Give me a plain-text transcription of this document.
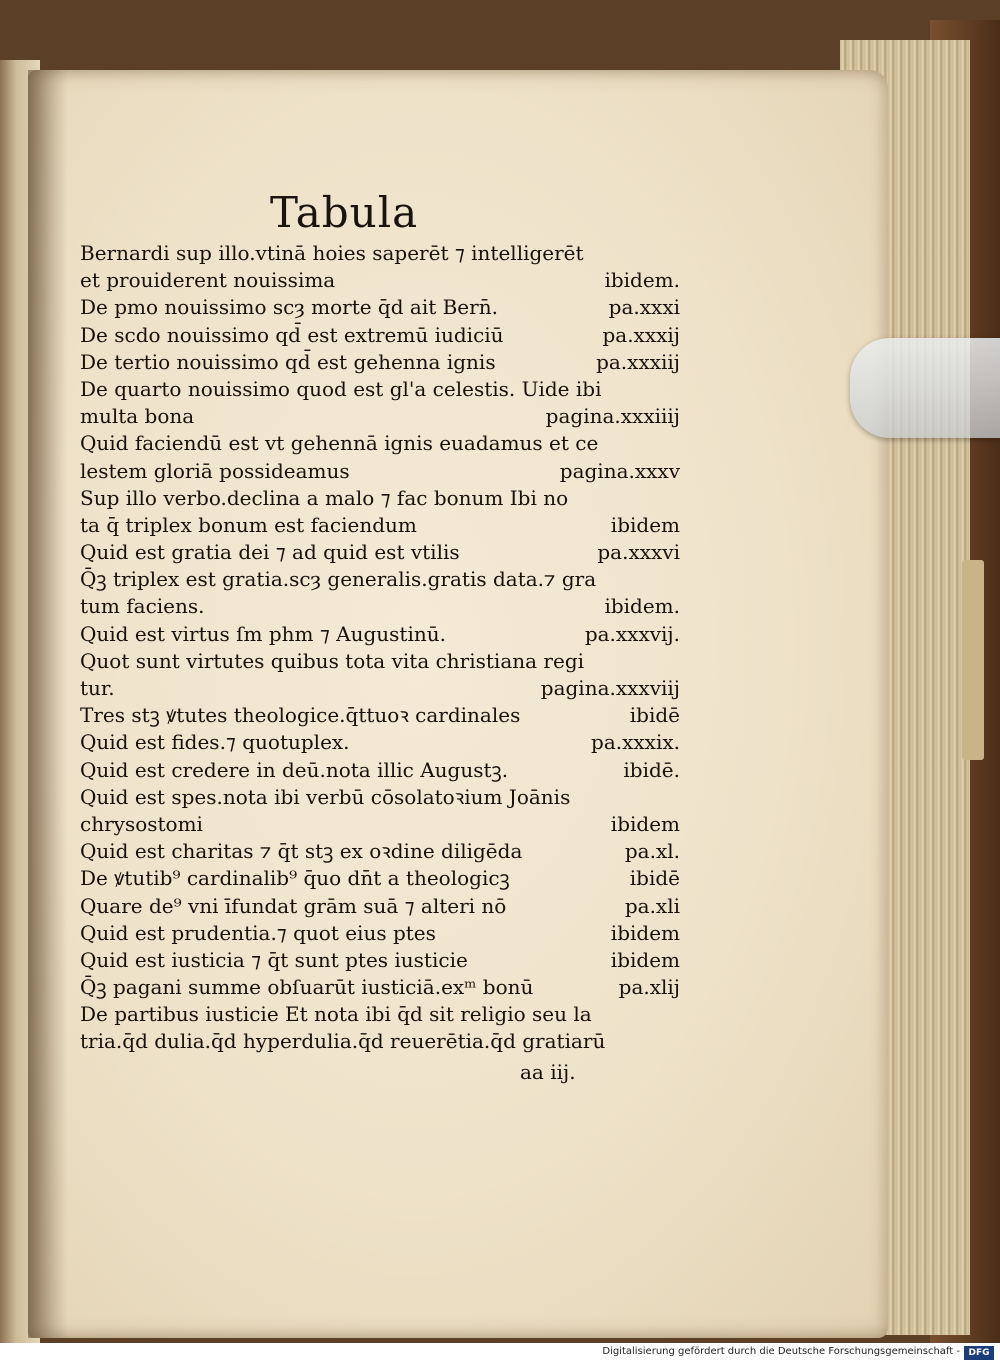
Tabula
Bernardi sup illo.vtinā hoies saperēt ⁊ intelligerēt
et prouiderent nouissima	ibidem.
De pmo nouissimo scȝ morte q̄d ait Bern̄.	pa.xxxi
De scdo nouissimo qd̄ est extremū iudiciū	pa.xxxij
De tertio nouissimo qd̄ est gehenna ignis	pa.xxxiij
De quarto nouissimo quod est gl'a celestis. Uide ibi
multa bona	pagina.xxxiiij
Quid faciendū est vt gehennā ignis euadamus et ce
lestem gloriā possideamus	pagina.xxxv
Sup illo verbo.declina a malo ⁊ fac bonum Ibi no
ta q̄ triplex bonum est faciendum	ibidem
Quid est gratia dei ⁊ ad quid est vtilis	pa.xxxvi
Q̄ꝫ triplex est gratia.scȝ generalis.gratis data.⁊ gra
tum faciens.	ibidem.
Quid est virtus ſm phm ⁊ Augustinū.	pa.xxxvij.
Quot sunt virtutes quibus tota vita christiana regi
tur.	pagina.xxxviij
Tres stꝫ ꝟtutes theologice.q̄ttuoꝛ cardinales	ibidē
Quid est fides.⁊ quotuplex.	pa.xxxix.
Quid est credere in deū.nota illic Augustꝫ.	ibidē.
Quid est spes.nota ibi verbū cōsolatoꝛium Joānis
chrysostomi	ibidem
Quid est charitas ⁊ q̄t stꝫ ex oꝛdine diligēda	pa.xl.
De ꝟtutib⁹ cardinalib⁹ q̄uo dn̄t a theologicꝫ	ibidē
Quare de⁹ vni īfundat grām suā ⁊ alteri nō	pa.xli
Quid est prudentia.⁊ quot eius ptes	ibidem
Quid est iusticia ⁊ q̄t sunt ptes iusticie	ibidem
Q̄ꝫ pagani summe obſuarūt iusticiā.exᵐ bonū	pa.xlij
De partibus iusticie Et nota ibi q̄d sit religio seu la
tria.q̄d dulia.q̄d hyperdulia.q̄d reuerētia.q̄d gratiarū
aa iij.
Digitalisierung gefördert durch die Deutsche Forschungsgemeinschaft - DFG
